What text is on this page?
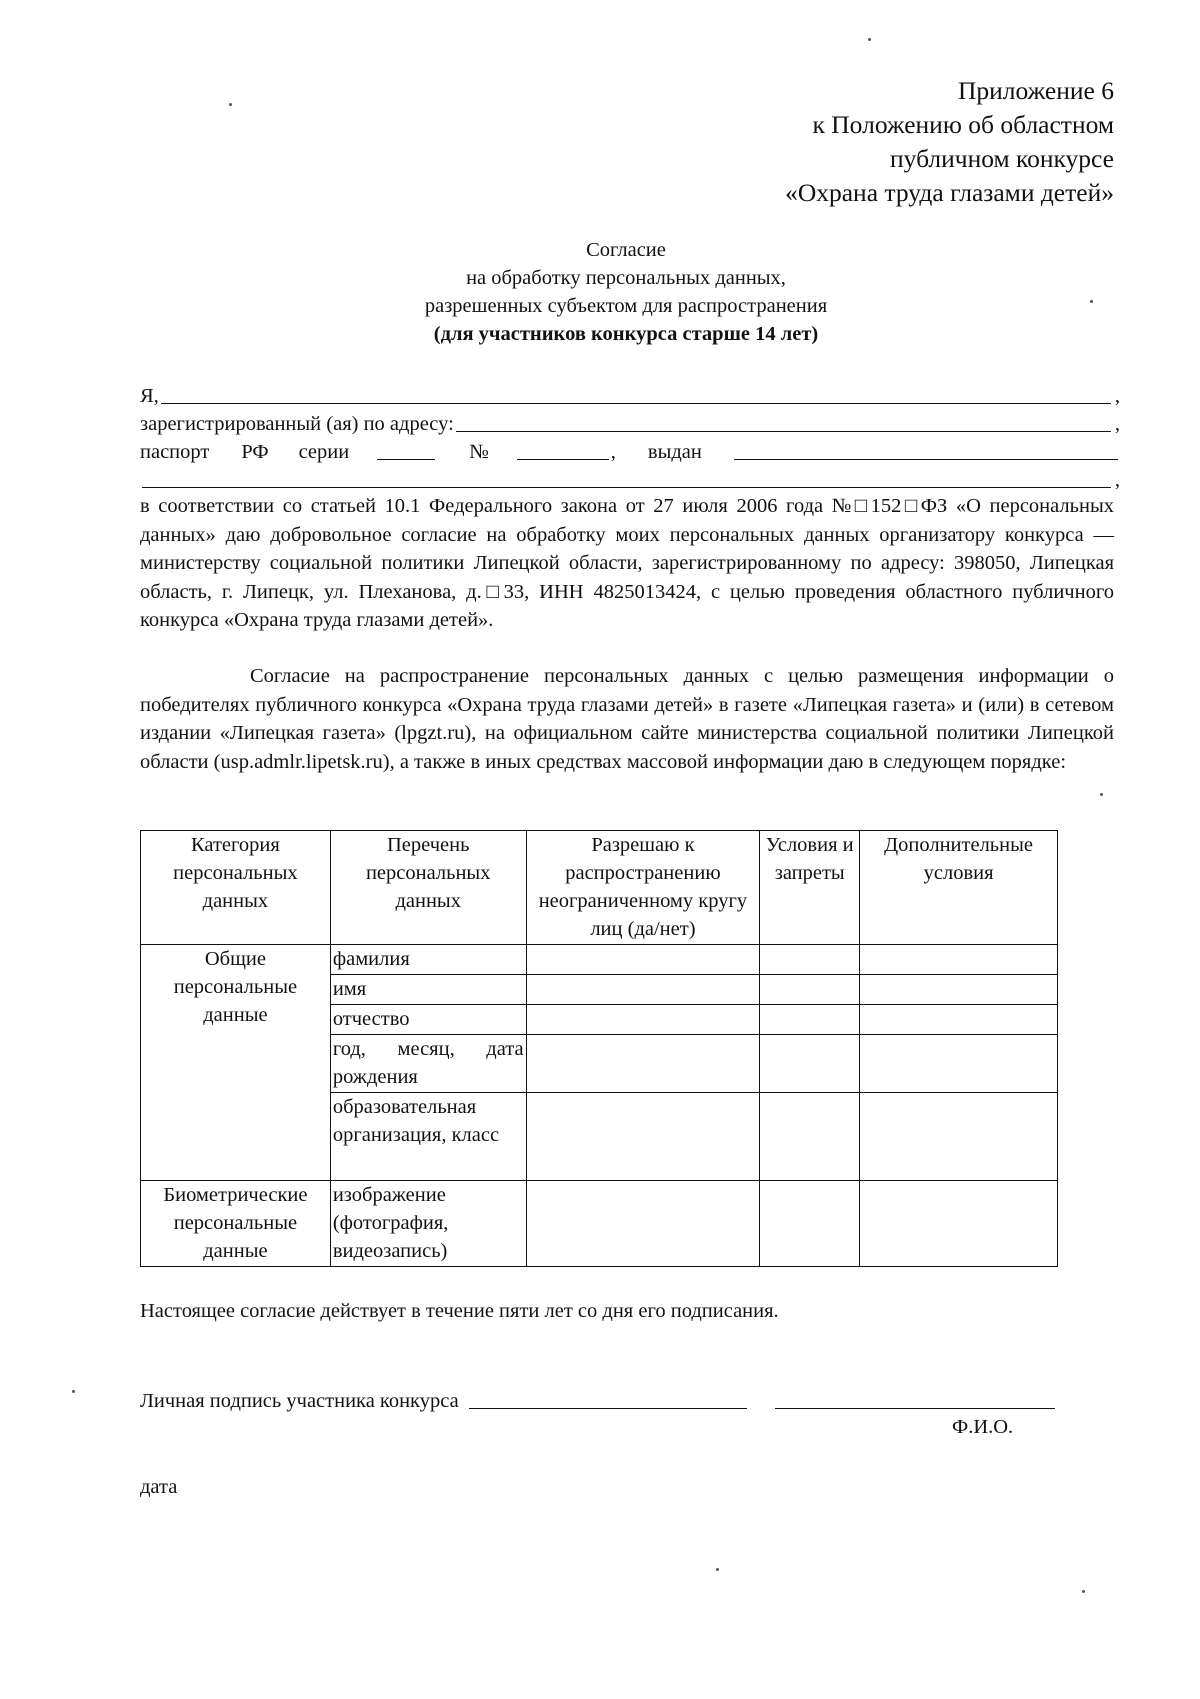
Приложение 6
к Положению об областном
публичном конкурсе
«Охрана труда глазами детей»
Согласие
на обработку персональных данных,
разрешенных субъектом для распространения
(для участников конкурса старше 14 лет)
Я,	,
зарегистрированный (ая) по адресу:	,
паспорт РФ серии	№	, выдан
,
в соответствии со статьей 10.1 Федерального закона от 27 июля 2006 года №□152□ФЗ «О персональных данных» даю добровольное согласие на обработку моих персональных данных организатору конкурса — министерству социальной политики Липецкой области, зарегистрированному по адресу: 398050, Липецкая область, г. Липецк, ул. Плеханова, д.□33, ИНН 4825013424, с целью проведения областного публичного конкурса «Охрана труда глазами детей».
Согласие на распространение персональных данных с целью размещения информации о победителях публичного конкурса «Охрана труда глазами детей» в газете «Липецкая газета» и (или) в сетевом издании «Липецкая газета» (lpgzt.ru), на официальном сайте министерства социальной политики Липецкой области (usp.admlr.lipetsk.ru), а также в иных средствах массовой информации даю в следующем порядке:
Категория персональных данных	Перечень персональных данных	Разрешаю к распространению неограниченному кругу лиц (да/нет)	Условия и запреты	Дополнительные условия
Общие персональные данные	фамилия			
	имя			
	отчество			
	год, месяц, дата рождения			
	образовательная организация, класс			
Биометрические персональные данные	изображение (фотография, видеозапись)			
Настоящее согласие действует в течение пяти лет со дня его подписания.
Личная подпись участника конкурса
Ф.И.О.
дата
